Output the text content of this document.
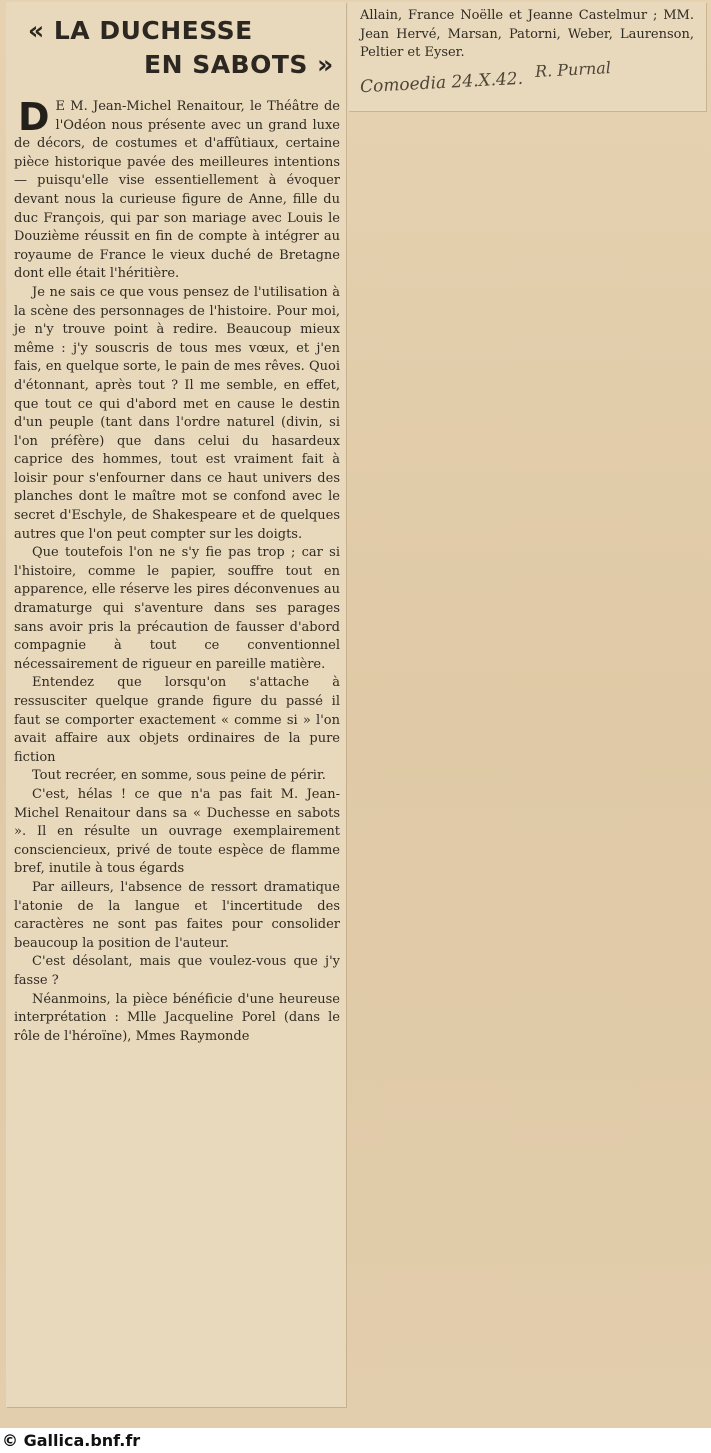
« LA DUCHESSE
EN SABOTS »

D E M. Jean-Michel Renaitour, le Théâtre de l'Odéon nous présente avec un grand luxe de décors, de costumes et d'affûtiaux, certaine pièce historique pavée des meilleures intentions — puisqu'elle vise essentiellement à évoquer devant nous la curieuse figure de Anne, fille du duc François, qui par son mariage avec Louis le Douzième réussit en fin de compte à intégrer au royaume de France le vieux duché de Bretagne dont elle était l'héritière.

Je ne sais ce que vous pensez de l'utilisation à la scène des personnages de l'histoire. Pour moi, je n'y trouve point à redire. Beaucoup mieux même : j'y souscris de tous mes vœux, et j'en fais, en quelque sorte, le pain de mes rêves. Quoi d'étonnant, après tout ? Il me semble, en effet, que tout ce qui d'abord met en cause le destin d'un peuple (tant dans l'ordre naturel (divin, si l'on préfère) que dans celui du hasardeux caprice des hommes, tout est vraiment fait à loisir pour s'enfourner dans ce haut univers des planches dont le maître mot se confond avec le secret d'Eschyle, de Shakespeare et de quelques autres que l'on peut compter sur les doigts.

Que toutefois l'on ne s'y fie pas trop ; car si l'histoire, comme le papier, souffre tout en apparence, elle réserve les pires déconvenues au dramaturge qui s'aventure dans ses parages sans avoir pris la précaution de fausser d'abord compagnie à tout ce conventionnel nécessairement de rigueur en pareille matière.

Entendez que lorsqu'on s'attache à ressusciter quelque grande figure du passé il faut se comporter exactement « comme si » l'on avait affaire aux objets ordinaires de la pure fiction

Tout recréer, en somme, sous peine de périr.

C'est, hélas ! ce que n'a pas fait M. Jean-Michel Renaitour dans sa « Duchesse en sabots ». Il en résulte un ouvrage exemplairement consciencieux, privé de toute espèce de flamme bref, inutile à tous égards

Par ailleurs, l'absence de ressort dramatique l'atonie de la langue et l'incertitude des caractères ne sont pas faites pour consolider beaucoup la position de l'auteur.

C'est désolant, mais que voulez-vous que j'y fasse ?

Néanmoins, la pièce bénéficie d'une heureuse interprétation : Mlle Jacqueline Porel (dans le rôle de l'héroïne), Mmes Raymonde

Allain, France Noëlle et Jeanne Castelmur ; MM. Jean Hervé, Marsan, Patorni, Weber, Laurenson, Peltier et Eyser.

R. Purnal
Comoedia 24.X.42.
© Gallica.bnf.fr
